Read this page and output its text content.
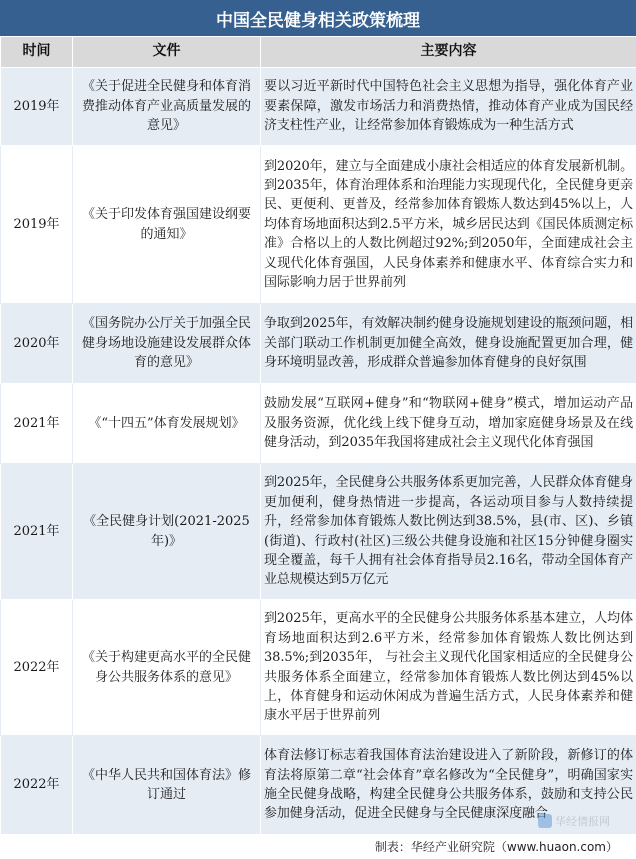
中国全民健身相关政策梳理
时间	文件	主要内容
2019年	《关于促进全民健身和体育消费推动体育产业高质量发展的意见》	要以习近平新时代中国特色社会主义思想为指导，强化体育产业要素保障，激发市场活力和消费热情，推动体育产业成为国民经济支柱性产业，让经常参加体育锻炼成为一种生活方式
2019年	《关于印发体育强国建设纲要的通知》	到2020年，建立与全面建成小康社会相适应的体育发展新机制。到2035年，体育治理体系和治理能力实现现代化，全民健身更亲民、更便利、更普及，经常参加体育锻炼人数达到45%以上，人均体育场地面积达到2.5平方米，城乡居民达到《国民体质测定标准》合格以上的人数比例超过92%;到2050年，全面建成社会主义现代化体育强国，人民身体素养和健康水平、体育综合实力和国际影响力居于世界前列
2020年	《国务院办公厅关于加强全民健身场地设施建设发展群众体育的意见》	争取到2025年，有效解决制约健身设施规划建设的瓶颈问题，相关部门联动工作机制更加健全高效，健身设施配置更加合理，健身环境明显改善，形成群众普遍参加体育健身的良好氛围
2021年	《“十四五”体育发展规划》	鼓励发展“互联网+健身”和“物联网+健身”模式，增加运动产品及服务资源，优化线上线下健身互动，增加家庭健身场景及在线健身活动，到2035年我国将建成社会主义现代化体育强国
2021年	《全民健身计划(2021-2025年)》	到2025年，全民健身公共服务体系更加完善，人民群众体育健身更加便利，健身热情进一步提高，各运动项目参与人数持续提升，经常参加体育锻炼人数比例达到38.5%，县(市、区)、乡镇(街道)、行政村(社区)三级公共健身设施和社区15分钟健身圈实现全覆盖，每千人拥有社会体育指导员2.16名，带动全国体育产业总规模达到5万亿元
2022年	《关于构建更高水平的全民健身公共服务体系的意见》	到2025年，更高水平的全民健身公共服务体系基本建立，人均体育场地面积达到2.6平方米，经常参加体育锻炼人数比例达到38.5%;到2035年， 与社会主义现代化国家相适应的全民健身公共服务体系全面建立，经常参加体育锻炼人数比例达到45%以上，体育健身和运动休闲成为普遍生活方式，人民身体素养和健康水平居于世界前列
2022年	《中华人民共和国体育法》修订通过	体育法修订标志着我国体育法治建设进入了新阶段，新修订的体育法将原第二章“社会体育”章名修改为“全民健身”，明确国家实施全民健身战略，构建全民健身公共服务体系，鼓励和支持公民参加健身活动，促进全民健身与全民健康深度融合
华经情报网
制表：华经产业研究院（www.huaon.com）
